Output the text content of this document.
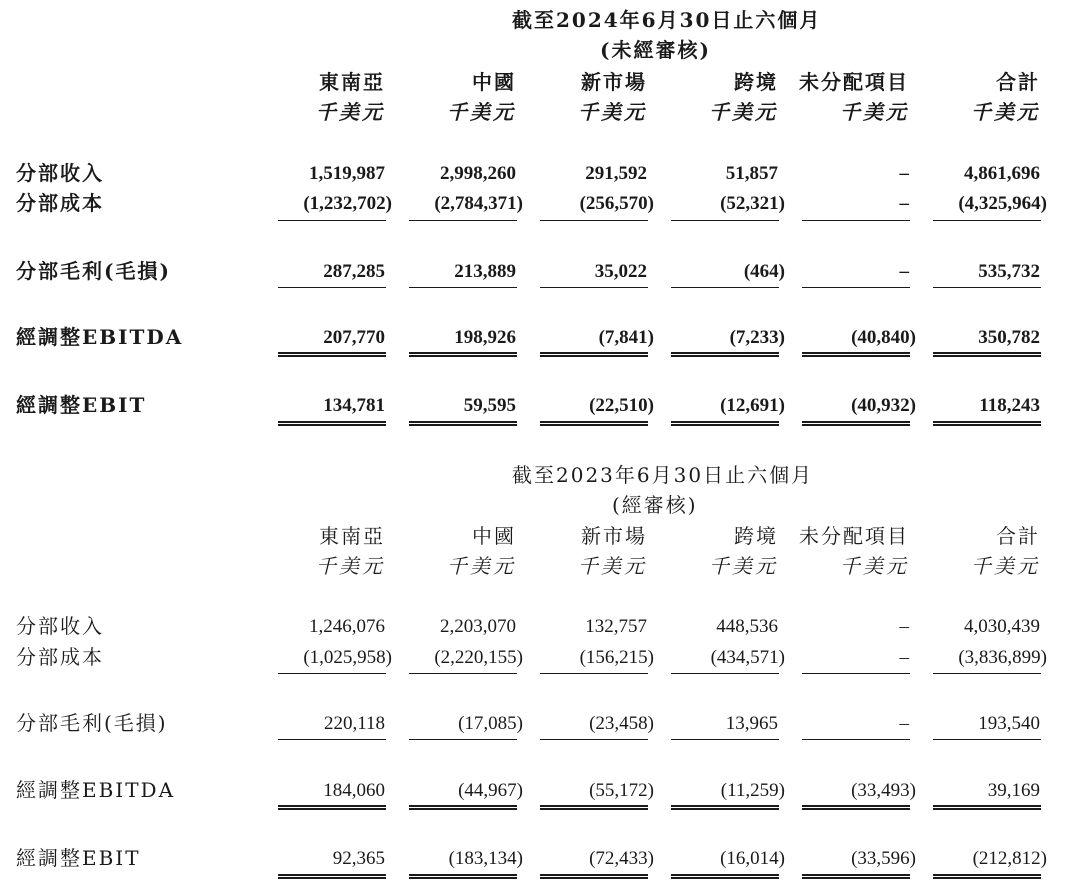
截至2024年6月30日止六個月
(未經審核)
東南亞	中國	新市場	跨境 未分配項目	合計
千美元	千美元	千美元	千美元	千美元	千美元
分部收入	1,519,987	2,998,260	291,592	51,857	–	4,861,696
分部成本	(1,232,702) (2,784,371)	(256,570)	(52,321)	–	(4,325,964)
分部毛利(毛損)	287,285	213,889	35,022	(464)	–	535,732
經調整EBITDA	207,770	198,926	(7,841)	(7,233)	(40,840)	350,782
經調整EBIT	134,781	59,595	(22,510)	(12,691)	(40,932)	118,243
截至2023年6月30日止六個月
(經審核)
東南亞	中國	新市場	跨境 未分配項目	合計
千美元	千美元	千美元	千美元	千美元	千美元
分部收入	1,246,076	2,203,070	132,757	448,536	–	4,030,439
分部成本	(1,025,958) (2,220,155)	(156,215)	(434,571)	–	(3,836,899)
分部毛利(毛損)	220,118	(17,085)	(23,458)	13,965	–	193,540
經調整EBITDA	184,060	(44,967)	(55,172)	(11,259)	(33,493)	39,169
經調整EBIT	92,365	(183,134)	(72,433)	(16,014)	(33,596)	(212,812)
